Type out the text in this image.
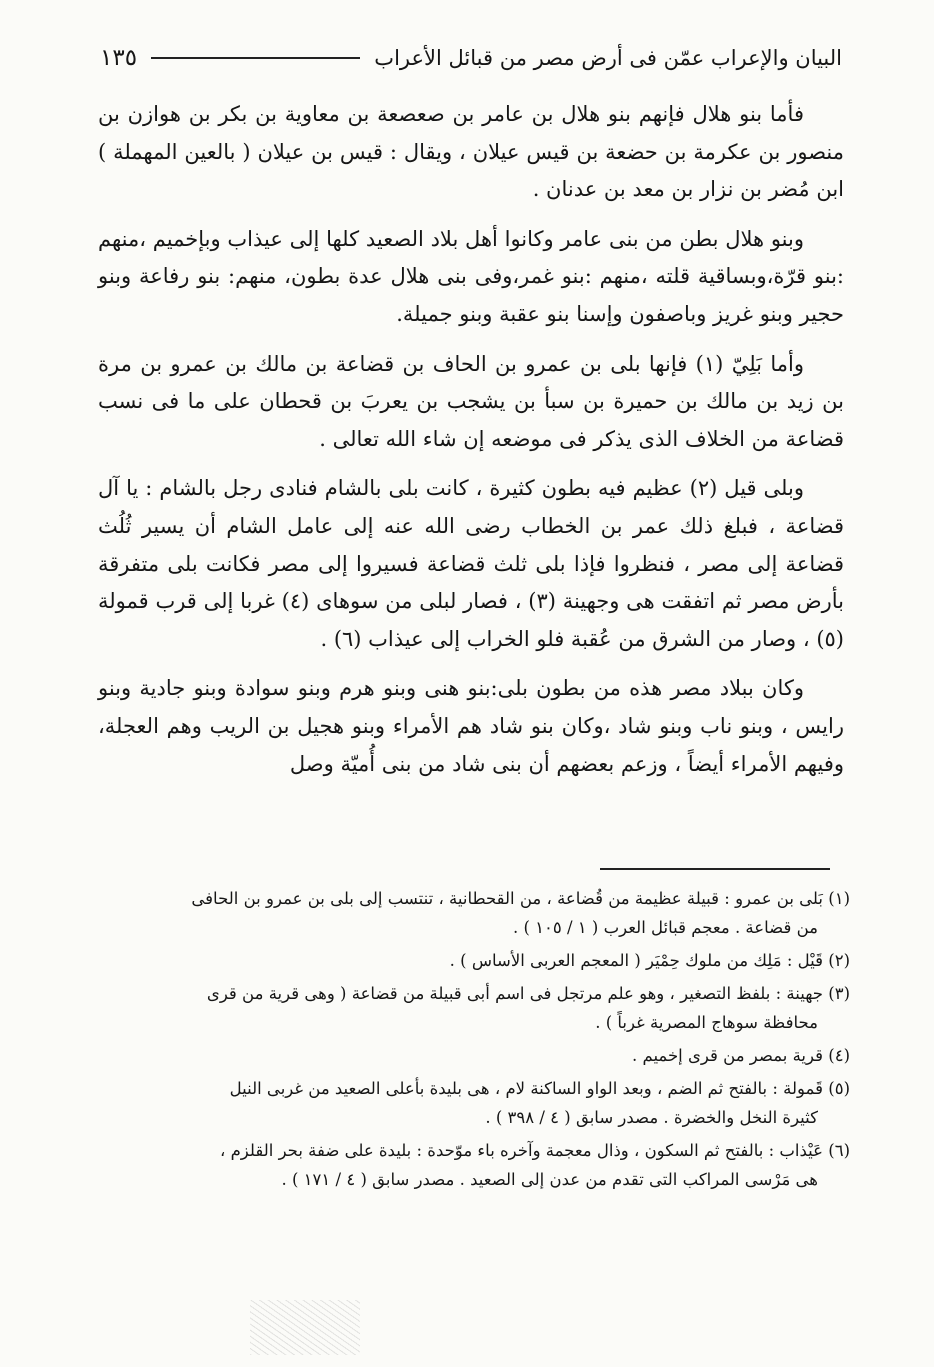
البيان والإعراب عمّن فى أرض مصر من قبائل الأعراب
١٣٥

فأما بنو هلال فإنهم بنو هلال بن عامر بن صعصعة بن معاوية بن بكر بن هوازن بن منصور بن عكرمة بن حضعة بن قيس عيلان ، ويقال : قيس بن عيلان ( بالعين المهملة ) ابن مُضر بن نزار بن معد بن عدنان .

وبنو هلال بطن من بنى عامر وكانوا أهل بلاد الصعيد كلها إلى عيذاب وبإخميم ،منهم :بنو قرّة،وبساقية قلته ،منهم :بنو غمر،وفى بنى هلال عدة بطون، منهم: بنو رفاعة وبنو حجير وبنو غريز وباصفون وإسنا بنو عقبة وبنو جميلة.

وأما بَلِيّ (١) فإنها بلى بن عمرو بن الحاف بن قضاعة بن مالك بن عمرو بن مرة بن زيد بن مالك بن حميرة بن سبأ بن يشجب بن يعربَ بن قحطان على ما فى نسب قضاعة من الخلاف الذى يذكر فى موضعه إن شاء الله تعالى .

وبلى قيل (٢) عظيم فيه بطون كثيرة ، كانت بلى بالشام فنادى رجل بالشام : يا آل قضاعة ، فبلغ ذلك عمر بن الخطاب رضى الله عنه إلى عامل الشام أن يسير ثُلُث قضاعة إلى مصر ، فنظروا فإذا بلى ثلث قضاعة فسيروا إلى مصر فكانت بلى متفرقة بأرض مصر ثم اتفقت هى وجهينة (٣) ، فصار لبلى من سوهاى (٤) غربا إلى قرب قمولة (٥) ، وصار من الشرق من عُقبة فلو الخراب إلى عيذاب (٦) .

وكان ببلاد مصر هذه من بطون بلى:بنو هنى وبنو هرم وبنو سوادة وبنو جادية وبنو رايس ، وبنو ناب وبنو شاد ،وكان بنو شاد هم الأمراء وبنو هجيل بن الريب وهم العجلة، وفيهم الأمراء أيضاً ، وزعم بعضهم أن بنى شاد من بنى أُميّة وصل

(١) بَلى بن عمرو : قبيلة عظيمة من قُضاعة ، من القحطانية ، تنتسب إلى بلى بن عمرو بن الحافى
من قضاعة . معجم قبائل العرب ( ١ / ١٠٥ ) .
(٢) قَيْل : مَلِك من ملوك حِمْيَر ( المعجم العربى الأساس ) .
(٣) جهينة : بلفظ التصغير ، وهو علم مرتجل فى اسم أبى قبيلة من قضاعة ( وهى قرية من قرى
محافظة سوهاج المصرية غرباً ) .
(٤) قرية بمصر من قرى إخميم .
(٥) قَمولة : بالفتح ثم الضم ، وبعد الواو الساكنة لام ، هى بليدة بأعلى الصعيد من غربى النيل
كثيرة النخل والخضرة . مصدر سابق ( ٤ / ٣٩٨ ) .
(٦) عَيْذاب : بالفتح ثم السكون ، وذال معجمة وآخره باء موّحدة : بليدة على ضفة بحر القلزم ،
هى مَرْسى المراكب التى تقدم من عدن إلى الصعيد . مصدر سابق ( ٤ / ١٧١ ) .
